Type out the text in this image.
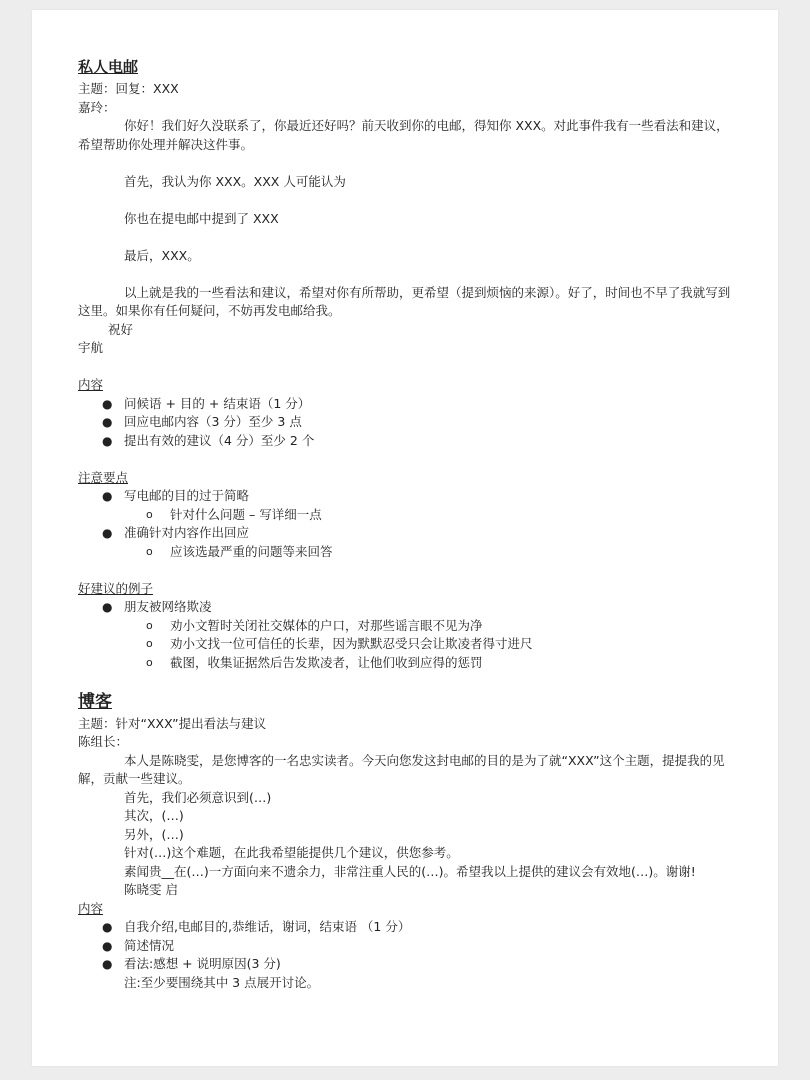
私人电邮

主题：回复：XXX

嘉玲：

你好！我们好久没联系了，你最近还好吗？前天收到你的电邮，得知你 XXX。对此事件我有一些看法和建议，希望帮助你处理并解决这件事。

首先，我认为你 XXX。XXX 人可能认为

你也在提电邮中提到了 XXX

最后，XXX。

以上就是我的一些看法和建议，希望对你有所帮助，更希望（提到烦恼的来源）。好了，时间也不早了我就写到这里。如果你有任何疑问，不妨再发电邮给我。

祝好

宇航

内容

● 问候语 + 目的 + 结束语（1 分）
● 回应电邮内容（3 分）至少 3 点
● 提出有效的建议（4 分）至少 2 个

注意要点

● 写电邮的目的过于简略
o 针对什么问题 – 写详细一点
● 准确针对内容作出回应
o 应该选最严重的问题等来回答

好建议的例子

● 朋友被网络欺凌
o 劝小文暂时关闭社交媒体的户口，对那些谣言眼不见为净
o 劝小文找一位可信任的长辈，因为默默忍受只会让欺凌者得寸进尺
o 截图，收集证据然后告发欺凌者，让他们收到应得的惩罚

博客

主题：针对“XXX”提出看法与建议

陈组长：

本人是陈晓雯，是您博客的一名忠实读者。今天向您发这封电邮的目的是为了就“XXX”这个主题，提提我的见解，贡献一些建议。

首先，我们必须意识到(…)

其次，(…)

另外，(…)

针对(…)这个难题，在此我希望能提供几个建议，供您参考。

素闻贵__在(…)一方面向来不遗余力，非常注重人民的(…)。希望我以上提供的建议会有效地(…)。谢谢!

陈晓雯 启

内容

● 自我介绍,电邮目的,恭维话，谢词，结束语 （1 分）
● 简述情况
● 看法:感想 + 说明原因(3 分)

注:至少要围绕其中 3 点展开讨论。
